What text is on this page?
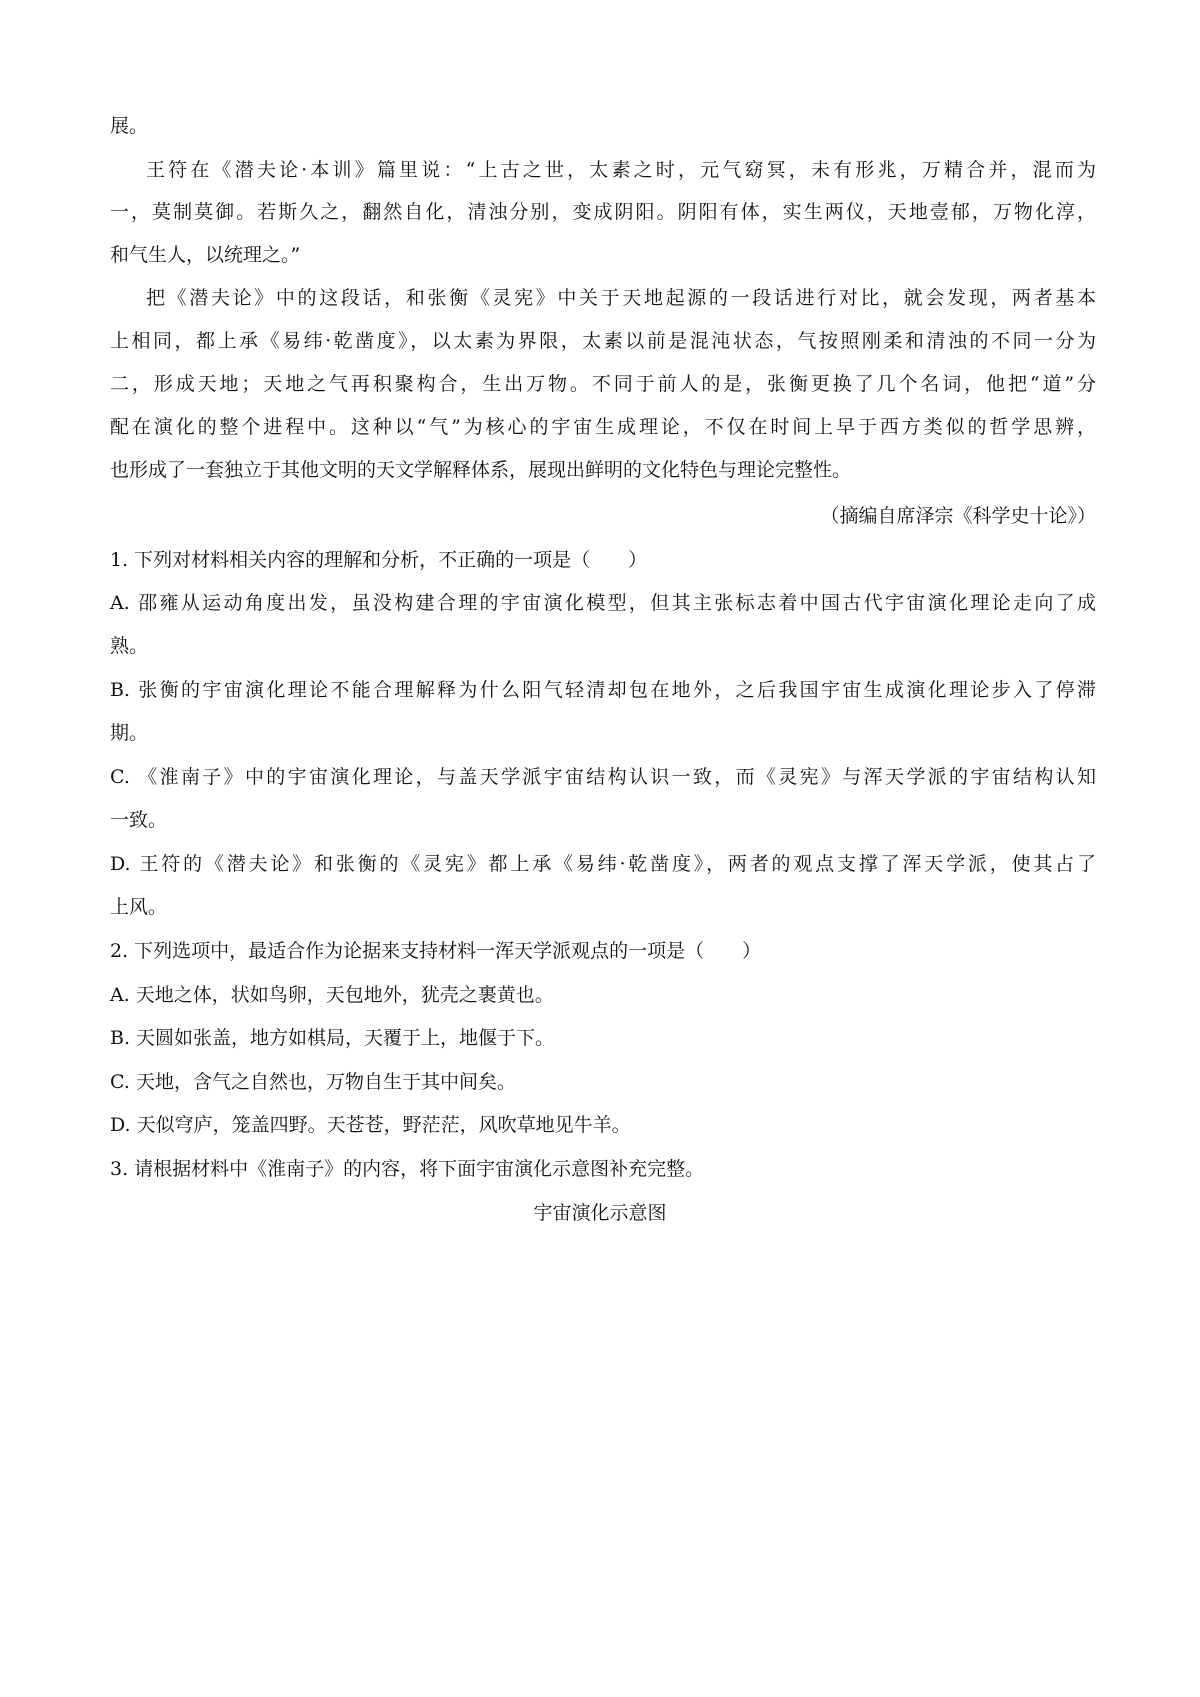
展。
王符在《潜夫论·本训》篇里说：“上古之世，太素之时，元气窈冥，未有形兆，万精合并，混而为
一，莫制莫御。若斯久之，翻然自化，清浊分别，变成阴阳。阴阳有体，实生两仪，天地壹郁，万物化淳，
和气生人，以统理之。”
把《潜夫论》中的这段话，和张衡《灵宪》中关于天地起源的一段话进行对比，就会发现，两者基本
上相同，都上承《易纬·乾凿度》，以太素为界限，太素以前是混沌状态，气按照刚柔和清浊的不同一分为
二，形成天地；天地之气再积聚构合，生出万物。不同于前人的是，张衡更换了几个名词，他把“道”分
配在演化的整个进程中。这种以“气”为核心的宇宙生成理论，不仅在时间上早于西方类似的哲学思辨，
也形成了一套独立于其他文明的天文学解释体系，展现出鲜明的文化特色与理论完整性。
（摘编自席泽宗《科学史十论》）
1. 下列对材料相关内容的理解和分析，不正确的一项是（　　）
A. 邵雍从运动角度出发，虽没构建合理的宇宙演化模型，但其主张标志着中国古代宇宙演化理论走向了成
熟。
B. 张衡的宇宙演化理论不能合理解释为什么阳气轻清却包在地外，之后我国宇宙生成演化理论步入了停滞
期。
C. 《淮南子》中的宇宙演化理论，与盖天学派宇宙结构认识一致，而《灵宪》与浑天学派的宇宙结构认知
一致。
D. 王符的《潜夫论》和张衡的《灵宪》都上承《易纬·乾凿度》，两者的观点支撑了浑天学派，使其占了
上风。
2. 下列选项中，最适合作为论据来支持材料一浑天学派观点的一项是（　　）
A. 天地之体，状如鸟卵，天包地外，犹壳之裹黄也。
B. 天圆如张盖，地方如棋局，天覆于上，地偃于下。
C. 天地，含气之自然也，万物自生于其中间矣。
D. 天似穹庐，笼盖四野。天苍苍，野茫茫，风吹草地见牛羊。
3. 请根据材料中《淮南子》的内容，将下面宇宙演化示意图补充完整。
宇宙演化示意图
